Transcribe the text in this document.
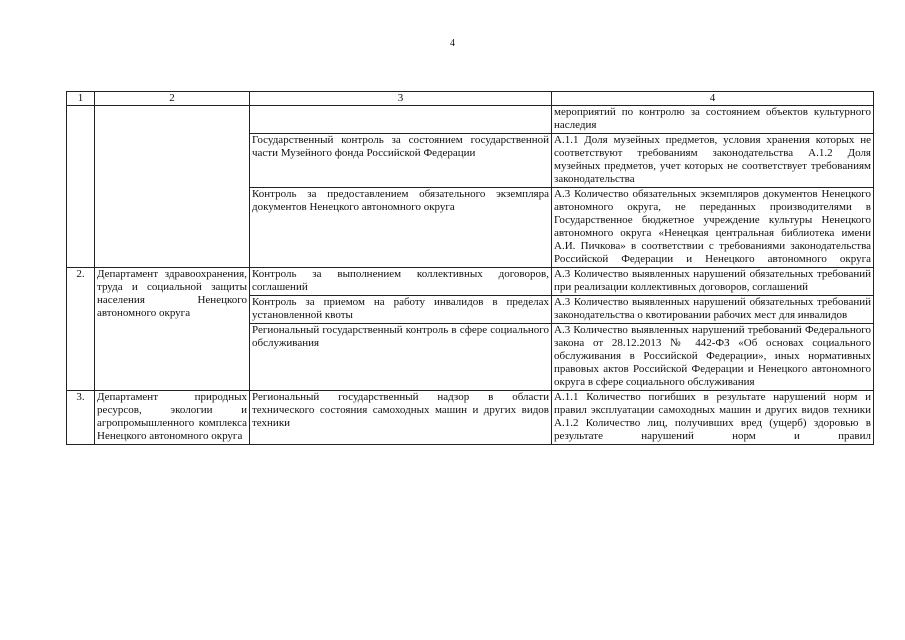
4
1	2	3	4
			мероприятий по контролю за состоянием объектов культурного наследия
		Государственный контроль за состоянием государственной части Музейного фонда Российской Федерации	А.1.1 Доля музейных предметов, условия хранения которых не соответствуют требованиям законодательства А.1.2 Доля музейных предметов, учет которых не соответствует требованиям законодательства
		Контроль за предоставлением обязательного экземпляра документов Ненецкого автономного округа	А.3 Количество обязательных экземпляров документов Ненецкого автономного округа, не переданных производителями в Государственное бюджетное учреждение культуры Ненецкого автономного округа «Ненецкая центральная библиотека имени А.И. Пичкова» в соответствии с требованиями законодательства Российской Федерации и Ненецкого автономного округа
2.	Департамент здравоохранения, труда и социальной защиты населения Ненецкого автономного округа	Контроль за выполнением коллективных договоров, соглашений	А.3 Количество выявленных нарушений обязательных требований при реализации коллективных договоров, соглашений
		Контроль за приемом на работу инвалидов в пределах установленной квоты	А.3 Количество выявленных нарушений обязательных требований законодательства о квотировании рабочих мест для инвалидов
		Региональный государственный контроль в сфере социального обслуживания	А.3 Количество выявленных нарушений требований Федерального закона от 28.12.2013 № 442-ФЗ «Об основах социального обслуживания в Российской Федерации», иных нормативных правовых актов Российской Федерации и Ненецкого автономного округа в сфере социального обслуживания
3.	Департамент природных ресурсов, экологии и агропромышленного комплекса Ненецкого автономного округа	Региональный государственный надзор в области технического состояния самоходных машин и других видов техники	А.1.1 Количество погибших в результате нарушений норм и правил эксплуатации самоходных машин и других видов техники А.1.2 Количество лиц, получивших вред (ущерб) здоровью в результате нарушений норм и правил
